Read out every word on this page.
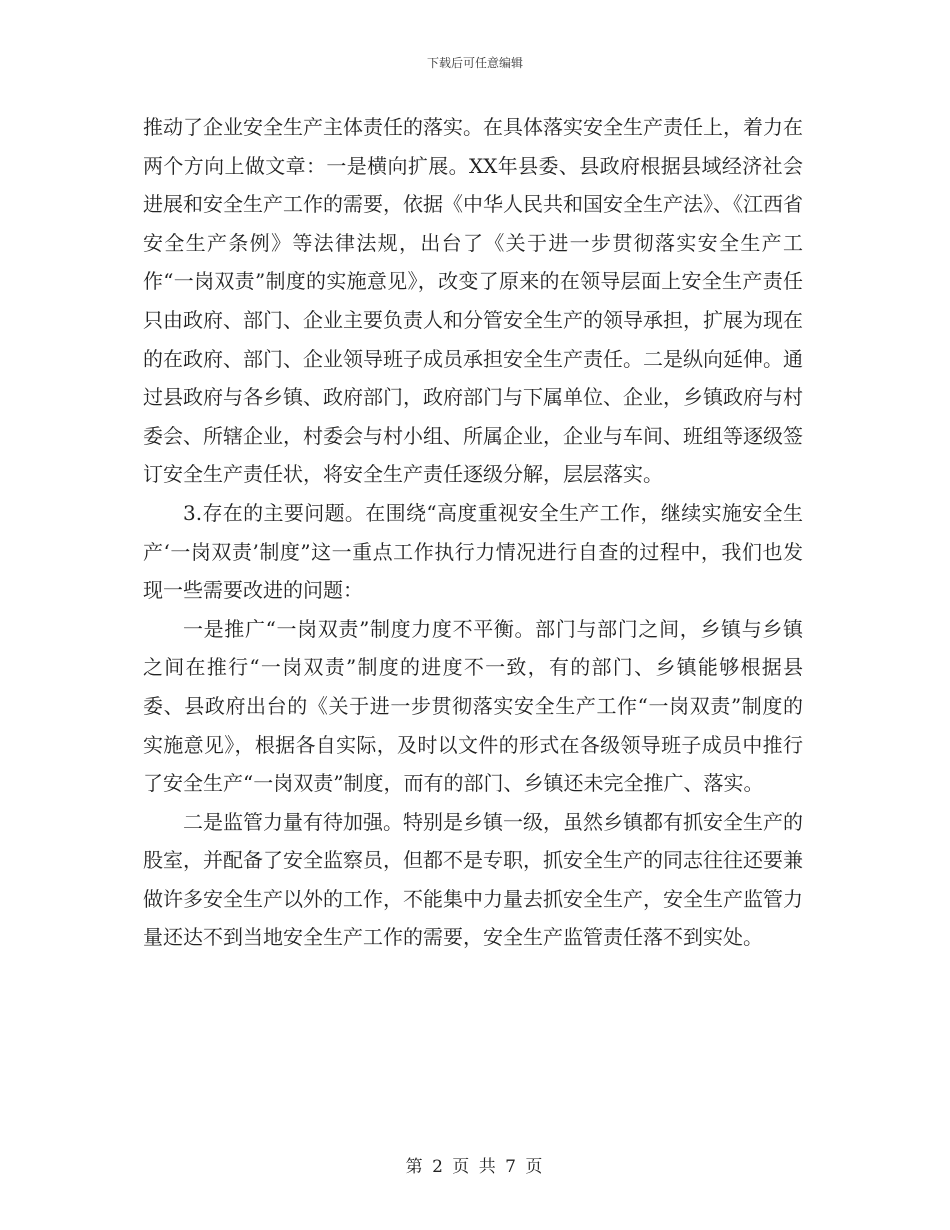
下载后可任意编辑

推动了企业安全生产主体责任的落实。在具体落实安全生产责任上，着力在两个方向上做文章：一是横向扩展。XX年县委、县政府根据县域经济社会进展和安全生产工作的需要，依据《中华人民共和国安全生产法》、《江西省安全生产条例》等法律法规，出台了《关于进一步贯彻落实安全生产工作“一岗双责”制度的实施意见》，改变了原来的在领导层面上安全生产责任只由政府、部门、企业主要负责人和分管安全生产的领导承担，扩展为现在的在政府、部门、企业领导班子成员承担安全生产责任。二是纵向延伸。通过县政府与各乡镇、政府部门，政府部门与下属单位、企业，乡镇政府与村委会、所辖企业，村委会与村小组、所属企业，企业与车间、班组等逐级签订安全生产责任状，将安全生产责任逐级分解，层层落实。

3.存在的主要问题。在围绕“高度重视安全生产工作，继续实施安全生产‘一岗双责’制度”这一重点工作执行力情况进行自查的过程中，我们也发现一些需要改进的问题：

一是推广“一岗双责”制度力度不平衡。部门与部门之间，乡镇与乡镇之间在推行“一岗双责”制度的进度不一致，有的部门、乡镇能够根据县委、县政府出台的《关于进一步贯彻落实安全生产工作“一岗双责”制度的实施意见》，根据各自实际，及时以文件的形式在各级领导班子成员中推行了安全生产“一岗双责”制度，而有的部门、乡镇还未完全推广、落实。

二是监管力量有待加强。特别是乡镇一级，虽然乡镇都有抓安全生产的股室，并配备了安全监察员，但都不是专职，抓安全生产的同志往往还要兼做许多安全生产以外的工作，不能集中力量去抓安全生产，安全生产监管力量还达不到当地安全生产工作的需要，安全生产监管责任落不到实处。

第 2 页 共 7 页
